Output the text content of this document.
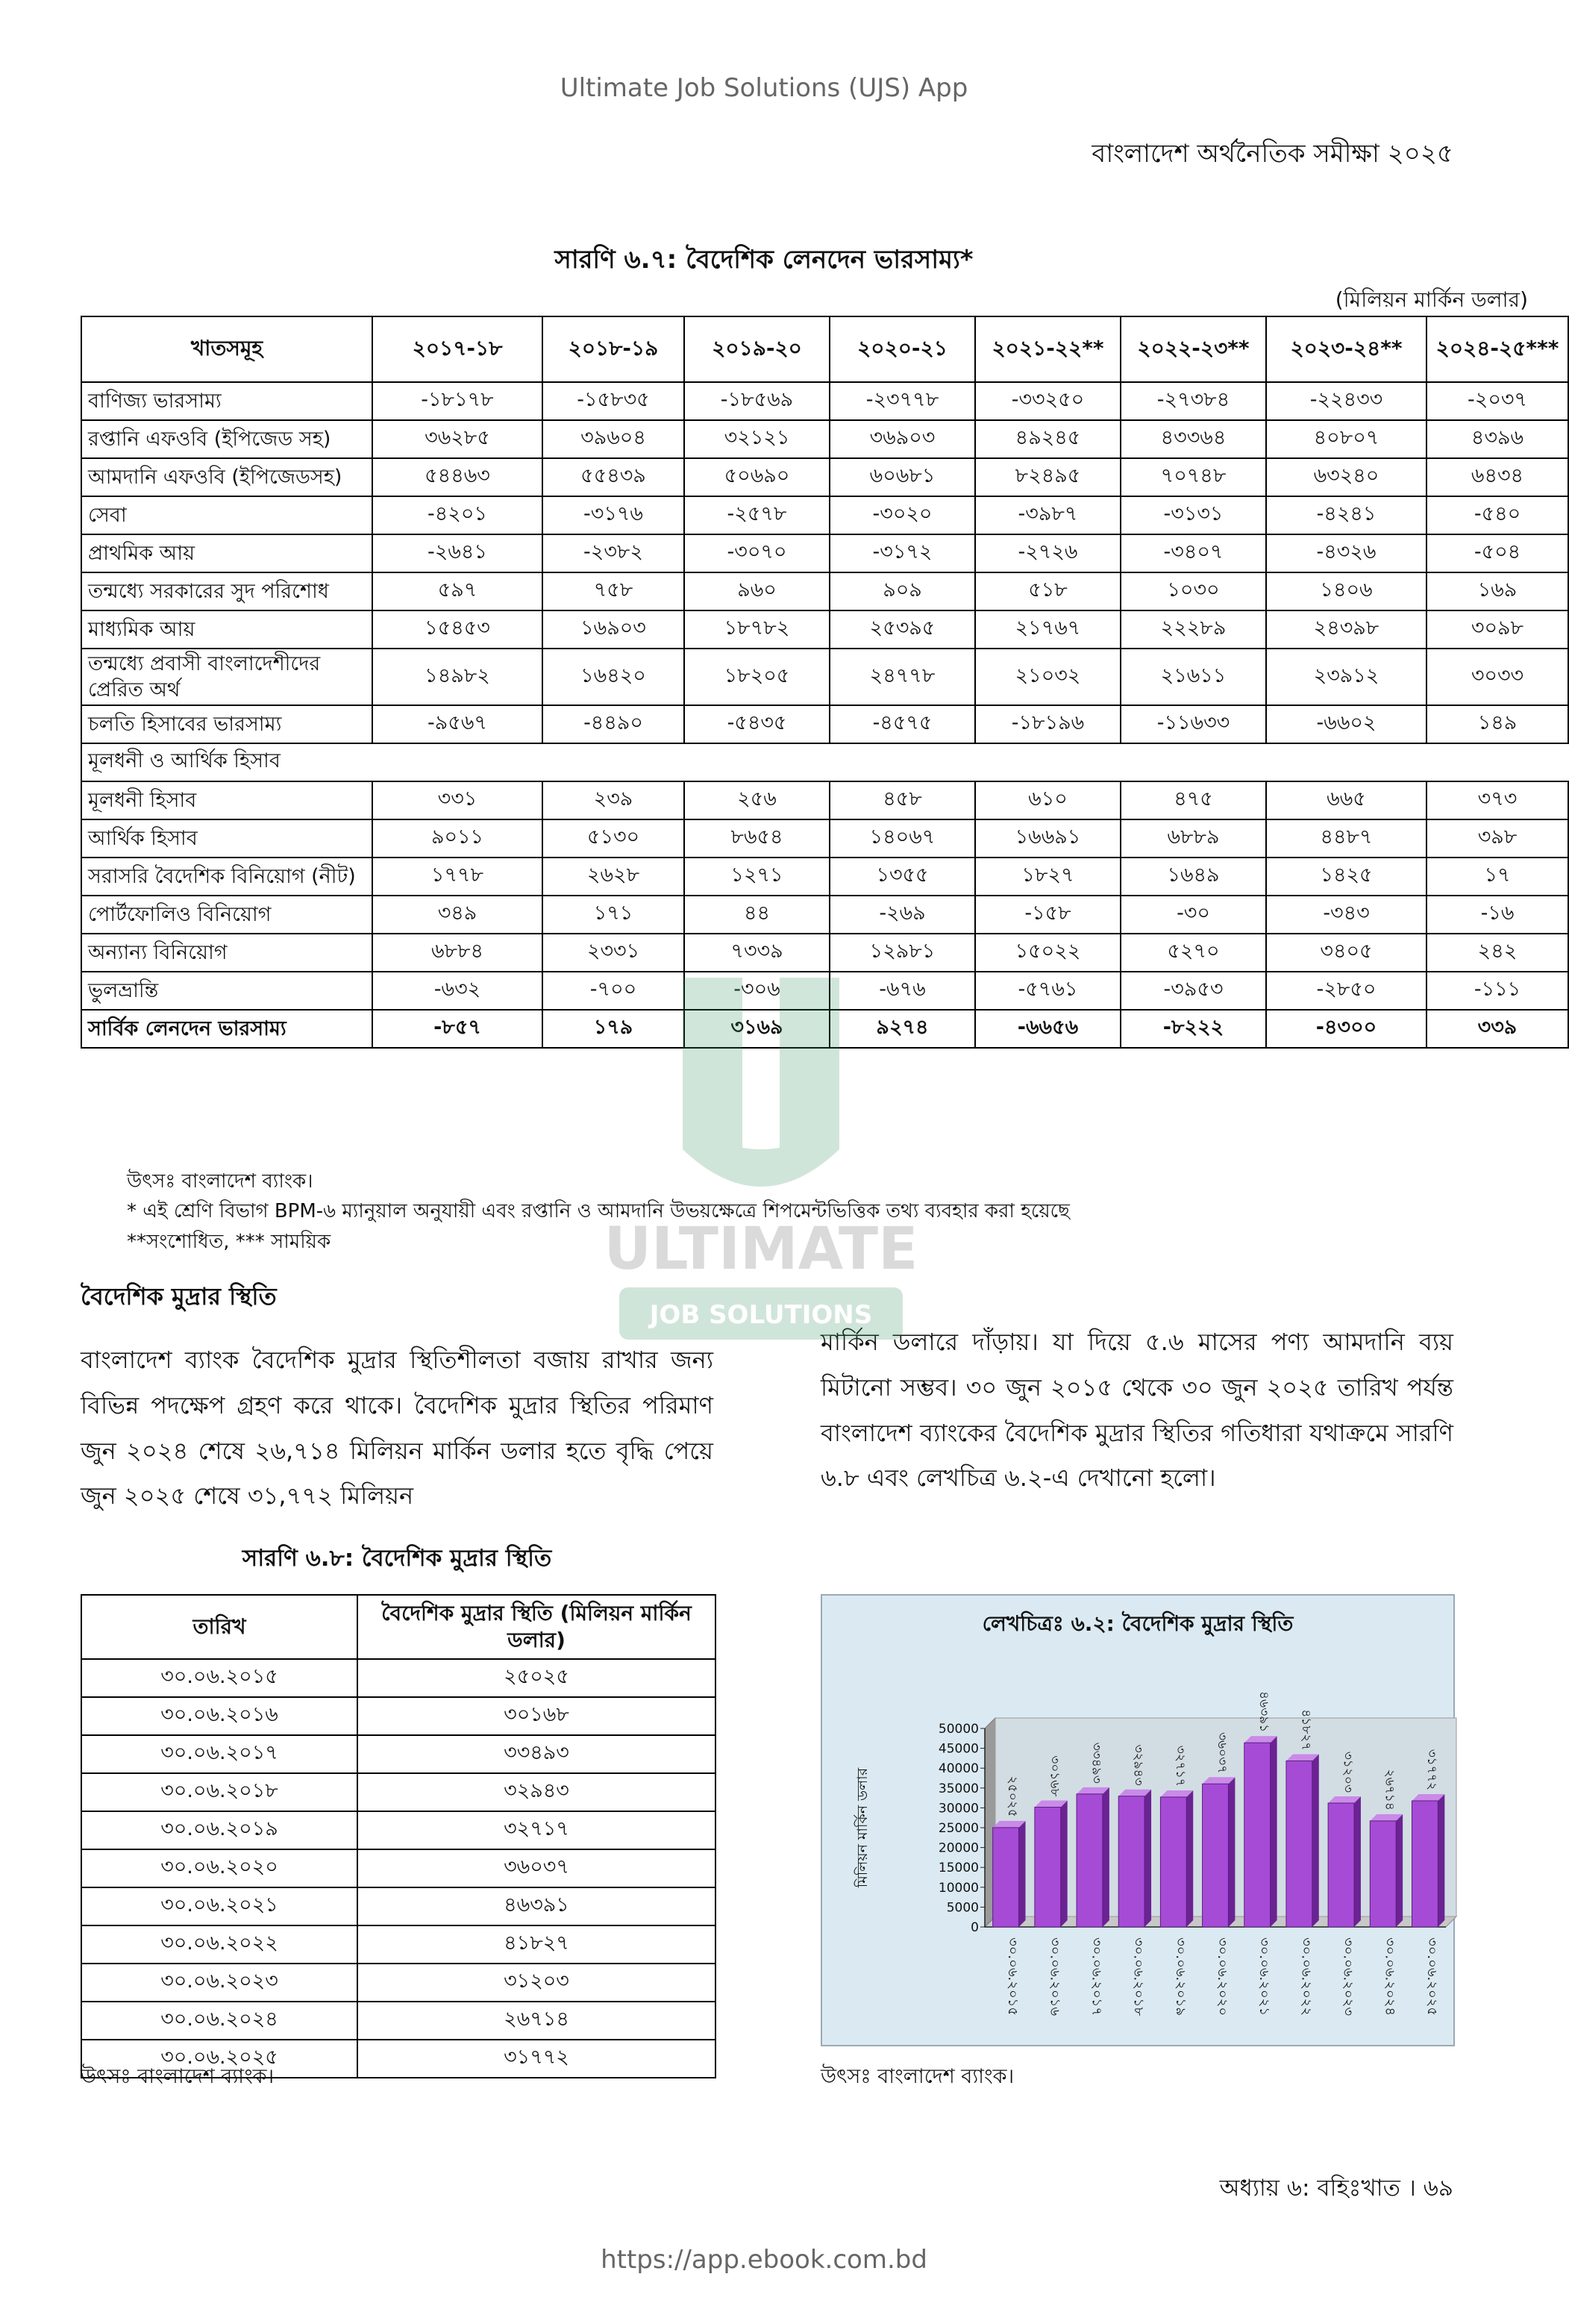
Ultimate Job Solutions (UJS) App
বাংলাদেশ অর্থনৈতিক সমীক্ষা ২০২৫
সারণি ৬.৭: বৈদেশিক লেনদেন ভারসাম্য*
(মিলিয়ন মার্কিন ডলার)
খাতসমূহ	২০১৭-১৮	২০১৮-১৯	২০১৯-২০	২০২০-২১	২০২১-২২**	২০২২-২৩**	২০২৩-২৪**	২০২৪-২৫***
বাণিজ্য ভারসাম্য	-১৮১৭৮	-১৫৮৩৫	-১৮৫৬৯	-২৩৭৭৮	-৩৩২৫০	-২৭৩৮৪	-২২৪৩৩	-২০৩৭
রপ্তানি এফওবি (ইপিজেড সহ)	৩৬২৮৫	৩৯৬০৪	৩২১২১	৩৬৯০৩	৪৯২৪৫	৪৩৩৬৪	৪০৮০৭	৪৩৯৬
আমদানি এফওবি (ইপিজেডসহ)	৫৪৪৬৩	৫৫৪৩৯	৫০৬৯০	৬০৬৮১	৮২৪৯৫	৭০৭৪৮	৬৩২৪০	৬৪৩৪
সেবা	-৪২০১	-৩১৭৬	-২৫৭৮	-৩০২০	-৩৯৮৭	-৩১৩১	-৪২৪১	-৫৪০
প্রাথমিক আয়	-২৬৪১	-২৩৮২	-৩০৭০	-৩১৭২	-২৭২৬	-৩৪০৭	-৪৩২৬	-৫০৪
তন্মধ্যে সরকারের সুদ পরিশোধ	৫৯৭	৭৫৮	৯৬০	৯০৯	৫১৮	১০৩০	১৪০৬	১৬৯
মাধ্যমিক আয়	১৫৪৫৩	১৬৯০৩	১৮৭৮২	২৫৩৯৫	২১৭৬৭	২২২৮৯	২৪৩৯৮	৩০৯৮
তন্মধ্যে প্রবাসী বাংলাদেশীদের প্রেরিত অর্থ	১৪৯৮২	১৬৪২০	১৮২০৫	২৪৭৭৮	২১০৩২	২১৬১১	২৩৯১২	৩০৩৩
চলতি হিসাবের ভারসাম্য	-৯৫৬৭	-৪৪৯০	-৫৪৩৫	-৪৫৭৫	-১৮১৯৬	-১১৬৩৩	-৬৬০২	১৪৯
মূলধনী ও আর্থিক হিসাব								
মূলধনী হিসাব	৩৩১	২৩৯	২৫৬	৪৫৮	৬১০	৪৭৫	৬৬৫	৩৭৩
আর্থিক হিসাব	৯০১১	৫১৩০	৮৬৫৪	১৪০৬৭	১৬৬৯১	৬৮৮৯	৪৪৮৭	৩৯৮
সরাসরি বৈদেশিক বিনিয়োগ (নীট)	১৭৭৮	২৬২৮	১২৭১	১৩৫৫	১৮২৭	১৬৪৯	১৪২৫	১৭
পোর্টফোলিও বিনিয়োগ	৩৪৯	১৭১	৪৪	-২৬৯	-১৫৮	-৩০	-৩৪৩	-১৬
অন্যান্য বিনিয়োগ	৬৮৮৪	২৩৩১	৭৩৩৯	১২৯৮১	১৫০২২	৫২৭০	৩৪০৫	২৪২
ভুলভ্রান্তি	-৬৩২	-৭০০	-৩০৬	-৬৭৬	-৫৭৬১	-৩৯৫৩	-২৮৫০	-১১১
সার্বিক লেনদেন ভারসাম্য	-৮৫৭	১৭৯	৩১৬৯	৯২৭৪	-৬৬৫৬	-৮২২২	-৪৩০০	৩৩৯
উৎসঃ বাংলাদেশ ব্যাংক।
* এই শ্রেণি বিভাগ BPM-৬ ম্যানুয়াল অনুযায়ী এবং রপ্তানি ও আমদানি উভয়ক্ষেত্রে শিপমেন্টভিত্তিক তথ্য ব্যবহার করা হয়েছে
**সংশোধিত, *** সাময়িক
বৈদেশিক মুদ্রার স্থিতি
বাংলাদেশ ব্যাংক বৈদেশিক মুদ্রার স্থিতিশীলতা বজায় রাখার জন্য বিভিন্ন পদক্ষেপ গ্রহণ করে থাকে। বৈদেশিক মুদ্রার স্থিতির পরিমাণ জুন ২০২৪ শেষে ২৬,৭১৪ মিলিয়ন মার্কিন ডলার হতে বৃদ্ধি পেয়ে জুন ২০২৫ শেষে ৩১,৭৭২ মিলিয়ন
মার্কিন ডলারে দাঁড়ায়। যা দিয়ে ৫.৬ মাসের পণ্য আমদানি ব্যয় মিটানো সম্ভব। ৩০ জুন ২০১৫ থেকে ৩০ জুন ২০২৫ তারিখ পর্যন্ত বাংলাদেশ ব্যাংকের বৈদেশিক মুদ্রার স্থিতির গতিধারা যথাক্রমে সারণি ৬.৮ এবং লেখচিত্র ৬.২-এ দেখানো হলো।
সারণি ৬.৮: বৈদেশিক মুদ্রার স্থিতি
তারিখ	বৈদেশিক মুদ্রার স্থিতি (মিলিয়ন মার্কিন ডলার)
৩০.০৬.২০১৫	২৫০২৫
৩০.০৬.২০১৬	৩০১৬৮
৩০.০৬.২০১৭	৩৩৪৯৩
৩০.০৬.২০১৮	৩২৯৪৩
৩০.০৬.২০১৯	৩২৭১৭
৩০.০৬.২০২০	৩৬০৩৭
৩০.০৬.২০২১	৪৬৩৯১
৩০.০৬.২০২২	৪১৮২৭
৩০.০৬.২০২৩	৩১২০৩
৩০.০৬.২০২৪	২৬৭১৪
৩০.০৬.২০২৫	৩১৭৭২
উৎসঃ বাংলাদেশ ব্যাংক।
লেখচিত্রঃ ৬.২: বৈদেশিক মুদ্রার স্থিতি
0
5000
10000
15000
20000
25000
30000
35000
40000
45000
50000
মিলিয়ন মার্কিন ডলার	২৫০২৫
৩০.০৬.২০১৫
৩০১৬৮
৩০.০৬.২০১৬
৩৩৪৯৩
৩০.০৬.২০১৭
৩২৯৪৩
৩০.০৬.২০১৮
৩২৭১৭
৩০.০৬.২০১৯
৩৬০৩৭
৩০.০৬.২০২০
৪৬৩৯১
৩০.০৬.২০২১
৪১৮২৭
৩০.০৬.২০২২
৩১২০৩
৩০.০৬.২০২৩
২৬৭১৪
৩০.০৬.২০২৪
৩১৭৭২
৩০.০৬.২০২৫
উৎসঃ বাংলাদেশ ব্যাংক।
অধ্যায় ৬: বহিঃখাত । ৬৯
https://app.ebook.com.bd
ULTIMATE
JOB SOLUTIONS
